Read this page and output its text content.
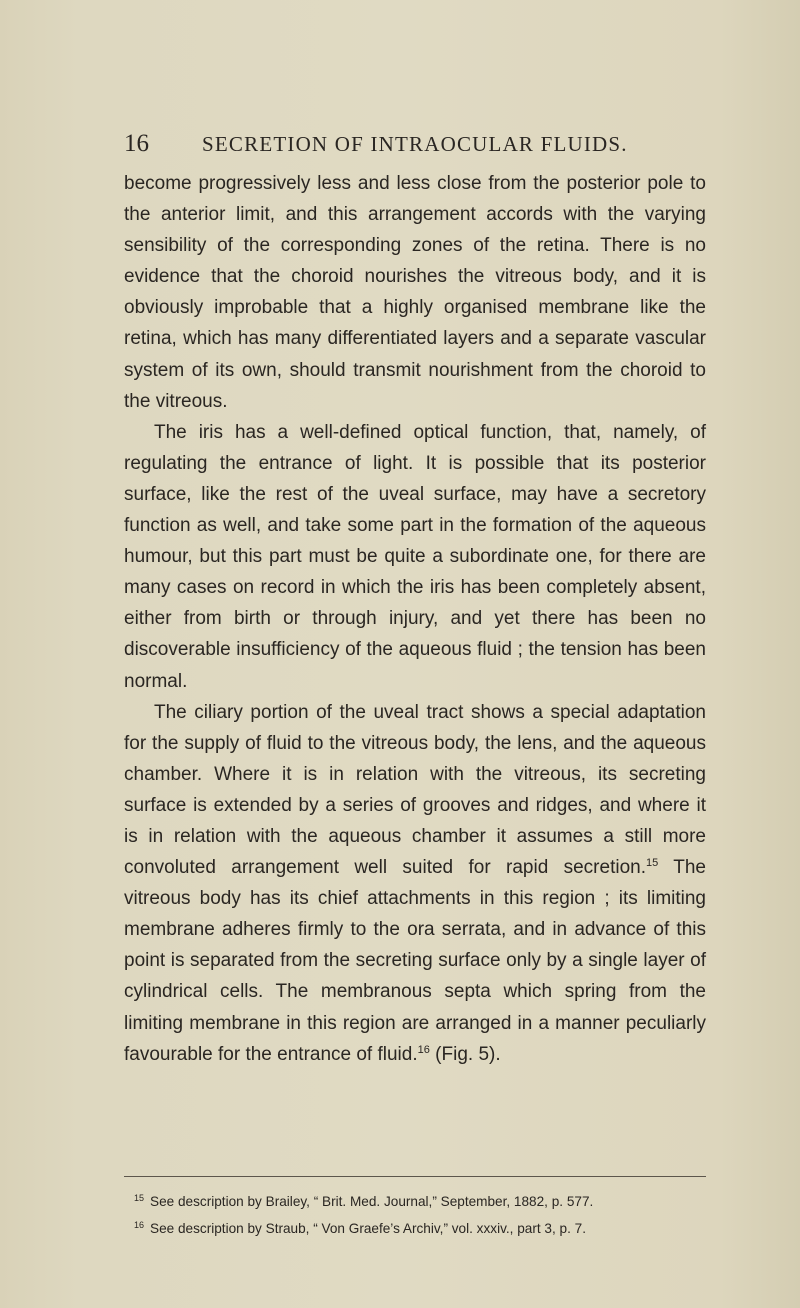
16	SECRETION OF INTRAOCULAR FLUIDS.

become progressively less and less close from the posterior pole to the anterior limit, and this arrangement accords with the varying sensibility of the corresponding zones of the retina. There is no evidence that the choroid nourishes the vitreous body, and it is obviously improbable that a highly organised membrane like the retina, which has many differentiated layers and a separate vascular system of its own, should transmit nourishment from the choroid to the vitreous.

The iris has a well-defined optical function, that, namely, of regulating the entrance of light. It is possible that its posterior surface, like the rest of the uveal surface, may have a secretory function as well, and take some part in the formation of the aqueous humour, but this part must be quite a subordinate one, for there are many cases on record in which the iris has been completely absent, either from birth or through injury, and yet there has been no discoverable insufficiency of the aqueous fluid ; the tension has been normal.

The ciliary portion of the uveal tract shows a special adaptation for the supply of fluid to the vitreous body, the lens, and the aqueous chamber. Where it is in relation with the vitreous, its secreting surface is extended by a series of grooves and ridges, and where it is in relation with the aqueous chamber it assumes a still more convoluted arrangement well suited for rapid secretion.$^{15}$ The vitreous body has its chief attachments in this region ; its limiting membrane adheres firmly to the ora serrata, and in advance of this point is separated from the secreting surface only by a single layer of cylindrical cells. The membranous septa which spring from the limiting membrane in this region are arranged in a manner peculiarly favourable for the entrance of fluid.$^{16}$ (Fig. 5).

$^{15}$ See description by Brailey, “ Brit. Med. Journal,” September, 1882, p. 577.
$^{16}$ See description by Straub, “ Von Graefe’s Archiv,” vol. xxxiv., part 3, p. 7.
